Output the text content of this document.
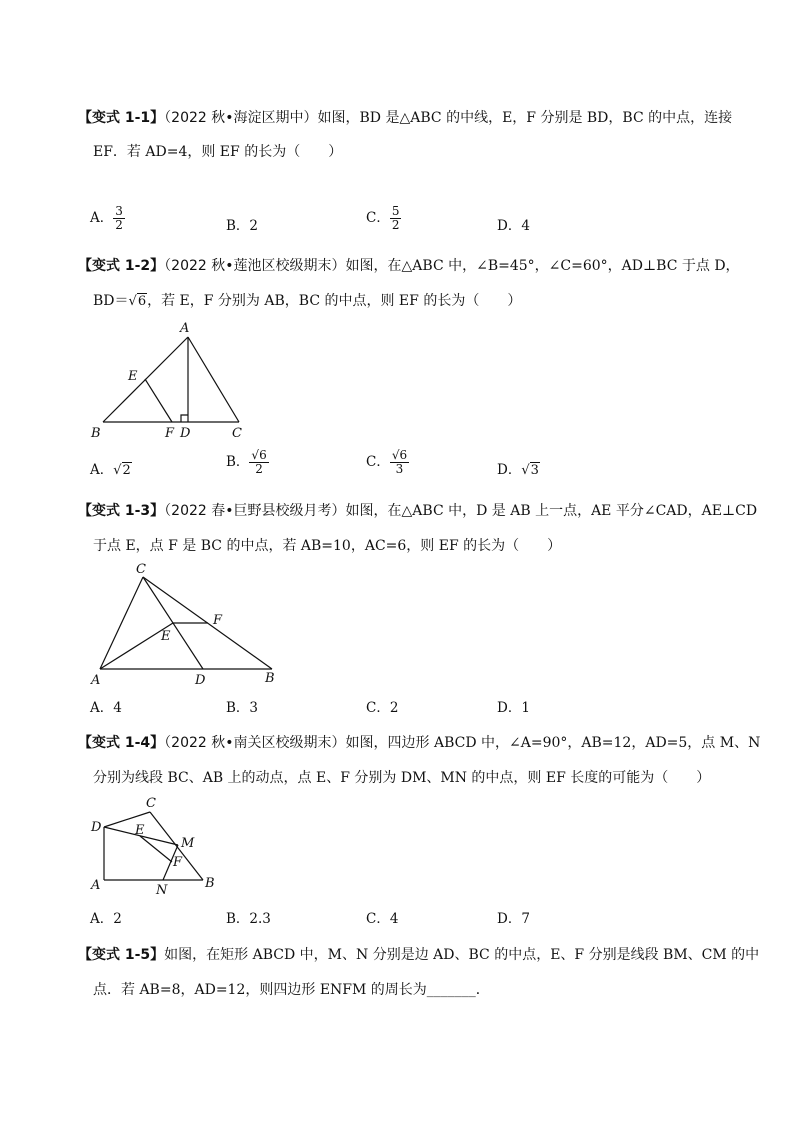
【变式 1-1】（2022 秋•海淀区期中）如图，BD 是△ABC 的中线，E，F 分别是 BD，BC 的中点，连接
EF．若 AD=4，则 EF 的长为（　　）
A． $\frac{3}{2}$	B．2	C． $\frac{5}{2}$	D．4
【变式 1-2】（2022 秋•莲池区校级期末）如图，在△ABC 中，∠B=45°，∠C=60°，AD⊥BC 于点 D，
BD＝√6，若 E，F 分别为 AB，BC 的中点，则 EF 的长为（　　）
A
E
B	F D	C
A．√2
B． $\frac{√6}{2}$	C． $\frac{√6}{3}$	D．√3
【变式 1-3】（2022 春•巨野县校级月考）如图，在△ABC 中，D 是 AB 上一点，AE 平分∠CAD，AE⊥CD
于点 E，点 F 是 BC 的中点，若 AB=10，AC=6，则 EF 的长为（　　）
C
F
E
A	D	B
A．4	B．3	C．2	D．1
【变式 1-4】（2022 秋•南关区校级期末）如图，四边形 ABCD 中，∠A=90°，AB=12，AD=5，点 M、N
分别为线段 BC、AB 上的动点，点 E、F 分别为 DM、MN 的中点，则 EF 长度的可能为（　　）
C
D	E
M
F
A	N	B
A．2	B．2.3	C．4	D．7
【变式 1-5】如图，在矩形 ABCD 中，M、N 分别是边 AD、BC 的中点，E、F 分别是线段 BM、CM 的中
点．若 AB=8，AD=12，则四边形 ENFM 的周长为_______．
